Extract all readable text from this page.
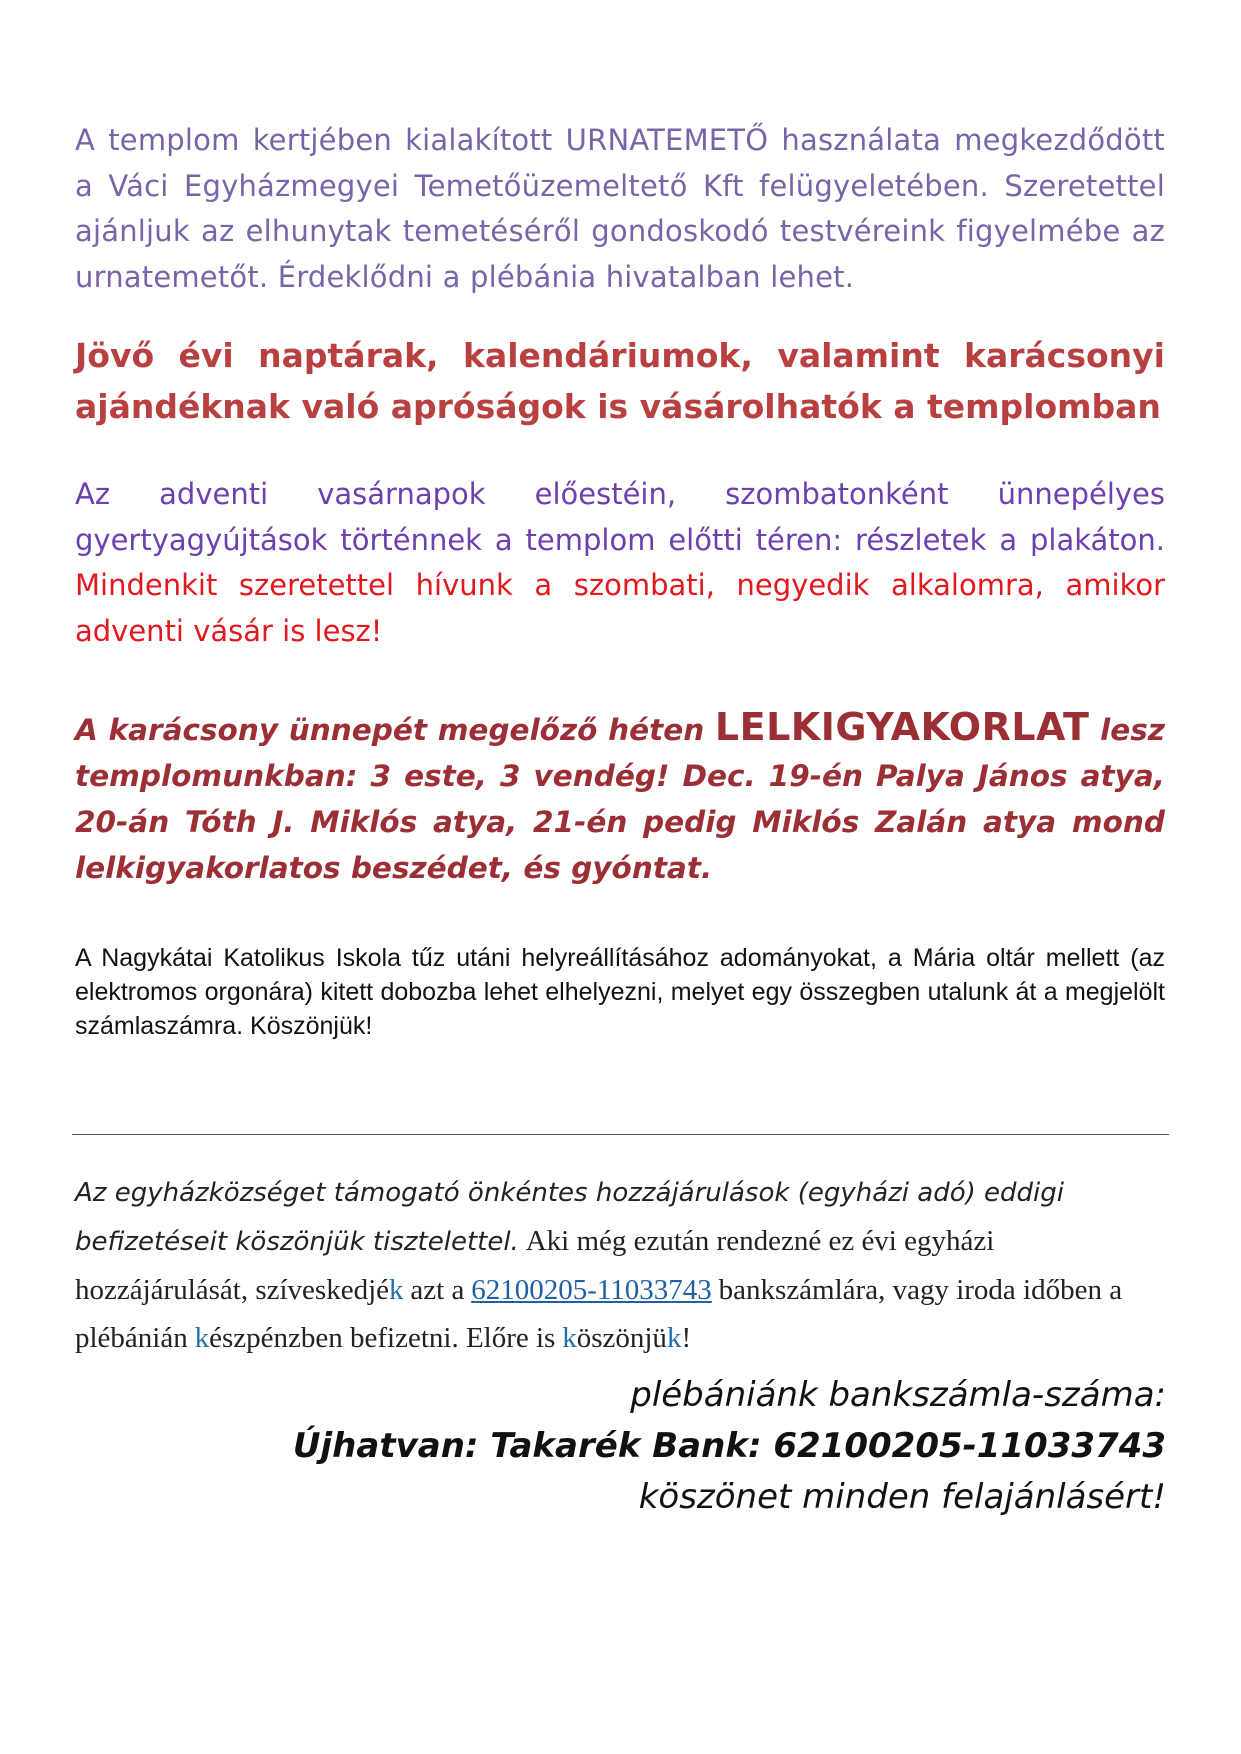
A templom kertjében kialakított URNATEMETŐ használata megkezdődött a Váci Egyházmegyei Temetőüzemeltető Kft felügyeletében. Szeretettel ajánljuk az elhunytak temetéséről gondoskodó testvéreink figyelmébe az urnatemetőt. Érdeklődni a plébánia hivatalban lehet.

Jövő évi naptárak, kalendáriumok, valamint karácsonyi ajándéknak való apróságok is vásárolhatók a templomban

Az adventi vasárnapok előestéin, szombatonként ünnepélyes gyertyagyújtások történnek a templom előtti téren: részletek a plakáton. Mindenkit szeretettel hívunk a szombati, negyedik alkalomra, amikor adventi vásár is lesz!

A karácsony ünnepét megelőző héten LELKIGYAKORLAT lesz templomunkban: 3 este, 3 vendég! Dec. 19-én Palya János atya, 20-án Tóth J. Miklós atya, 21-én pedig Miklós Zalán atya mond lelkigyakorlatos beszédet, és gyóntat.

A Nagykátai Katolikus Iskola tűz utáni helyreállításához adományokat, a Mária oltár mellett (az elektromos orgonára) kitett dobozba lehet elhelyezni, melyet egy összegben utalunk át a megjelölt számlaszámra. Köszönjük!

Az egyházközséget támogató önkéntes hozzájárulások (egyházi adó) eddigi befizetéseit köszönjük tisztelettel. Aki még ezután rendezné ez évi egyházi hozzájárulását, szíveskedjék azt a 62100205-11033743 bankszámlára, vagy iroda időben a plébánián készpénzben befizetni. Előre is köszönjük!

plébániánk bankszámla-száma:
Újhatvan: Takarék Bank: 62100205-11033743
köszönet minden felajánlásért!
